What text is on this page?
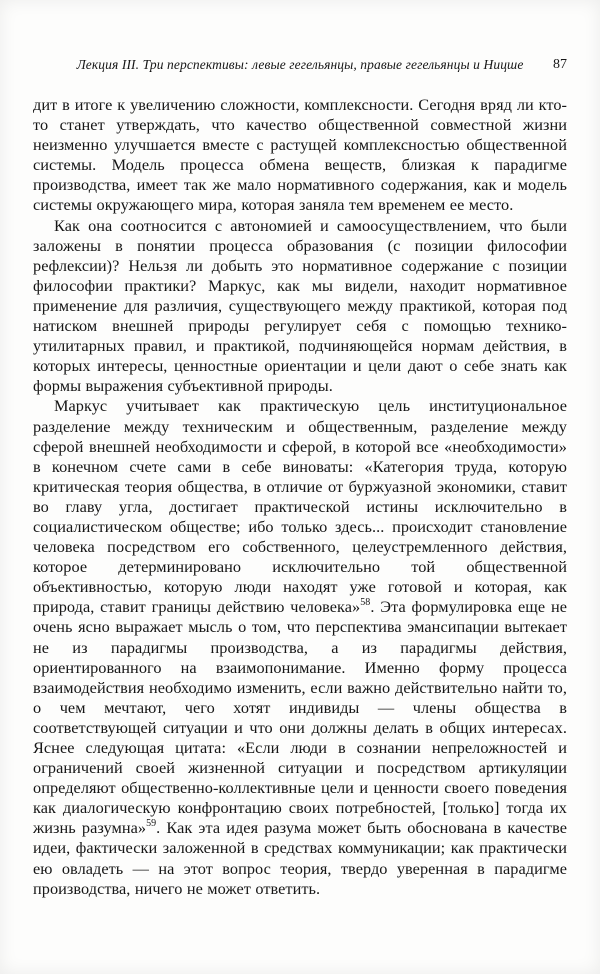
Лекция III. Три перспективы: левые гегельянцы, правые гегельянцы и Ницше	87

дит в итоге к увеличению сложности, комплексности. Сегодня вряд ли кто-то станет утверждать, что качество общественной совместной жизни неизменно улучшается вместе с растущей комплексностью общественной системы. Модель процесса обмена веществ, близкая к парадигме производства, имеет так же мало нормативного содержания, как и модель системы окружающего мира, которая заняла тем временем ее место.

Как она соотносится с автономией и самоосуществлением, что были заложены в понятии процесса образования (с позиции философии рефлексии)? Нельзя ли добыть это нормативное содержание с позиции философии практики? Маркус, как мы видели, находит нормативное применение для различия, существующего между практикой, которая под натиском внешней природы регулирует себя с помощью технико-утилитарных правил, и практикой, подчиняющейся нормам действия, в которых интересы, ценностные ориентации и цели дают о себе знать как формы выражения субъективной природы.

Маркус учитывает как практическую цель институциональное разделение между техническим и общественным, разделение между сферой внешней необходимости и сферой, в которой все «необходимости» в конечном счете сами в себе виноваты: «Категория труда, которую критическая теория общества, в отличие от буржуазной экономики, ставит во главу угла, достигает практической истины исключительно в социалистическом обществе; ибо только здесь... происходит становление человека посредством его собственного, целеустремленного действия, которое детерминировано исключительно той общественной объективностью, которую люди находят уже готовой и которая, как природа, ставит границы действию человека»$^{58}$. Эта формулировка еще не очень ясно выражает мысль о том, что перспектива эмансипации вытекает не из парадигмы производства, а из парадигмы действия, ориентированного на взаимопонимание. Именно форму процесса взаимодействия необходимо изменить, если важно действительно найти то, о чем мечтают, чего хотят индивиды — члены общества в соответствующей ситуации и что они должны делать в общих интересах. Яснее следующая цитата: «Если люди в сознании непреложностей и ограничений своей жизненной ситуации и посредством артикуляции определяют общественно-коллективные цели и ценности своего поведения как диалогическую конфронтацию своих потребностей, [только] тогда их жизнь разумна»$^{59}$. Как эта идея разума может быть обоснована в качестве идеи, фактически заложенной в средствах коммуникации; как практически ею овладеть — на этот вопрос теория, твердо уверенная в парадигме производства, ничего не может ответить.
